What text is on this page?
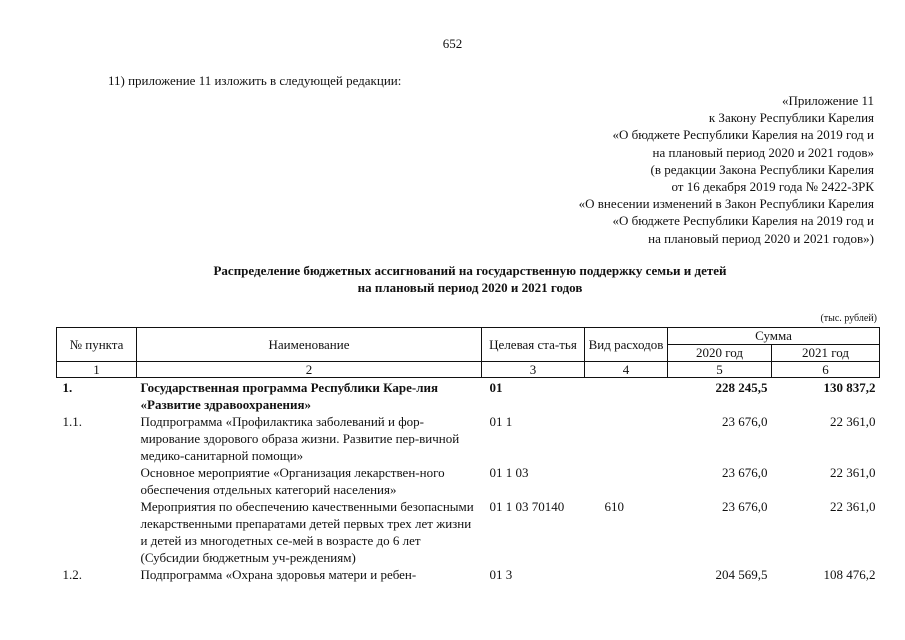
652
11) приложение 11 изложить в следующей редакции:
«Приложение 11
к Закону Республики Карелия
«О бюджете Республики Карелия на 2019 год и
на плановый период 2020 и 2021 годов»
(в редакции Закона Республики Карелия
от 16 декабря 2019 года № 2422-ЗРК
«О внесении изменений в Закон Республики Карелия
«О бюджете Республики Карелия на 2019 год и
на плановый период 2020 и 2021 годов»)
Распределение бюджетных ассигнований на государственную поддержку семьи и детей
на плановый период 2020 и 2021 годов
(тыс. рублей)
№ пункта	Наименование	Целевая ста-тья	Вид расходов	Сумма	
				2020 год	2021 год
1	2	3	4	5	6
1.	Государственная программа Республики Каре-лия «Развитие здравоохранения»	01		228 245,5	130 837,2
1.1.	Подпрограмма «Профилактика заболеваний и фор-мирование здорового образа жизни. Развитие пер-вичной медико-санитарной помощи»	01 1		23 676,0	22 361,0
	Основное мероприятие «Организация лекарствен-ного обеспечения отдельных категорий населения»	01 1 03		23 676,0	22 361,0
	Мероприятия по обеспечению качественными безопасными лекарственными препаратами детей первых трех лет жизни и детей из многодетных се-мей в возрасте до 6 лет (Субсидии бюджетным уч-реждениям)	01 1 03 70140	610	23 676,0	22 361,0
1.2.	Подпрограмма «Охрана здоровья матери и ребен-	01 3		204 569,5	108 476,2
